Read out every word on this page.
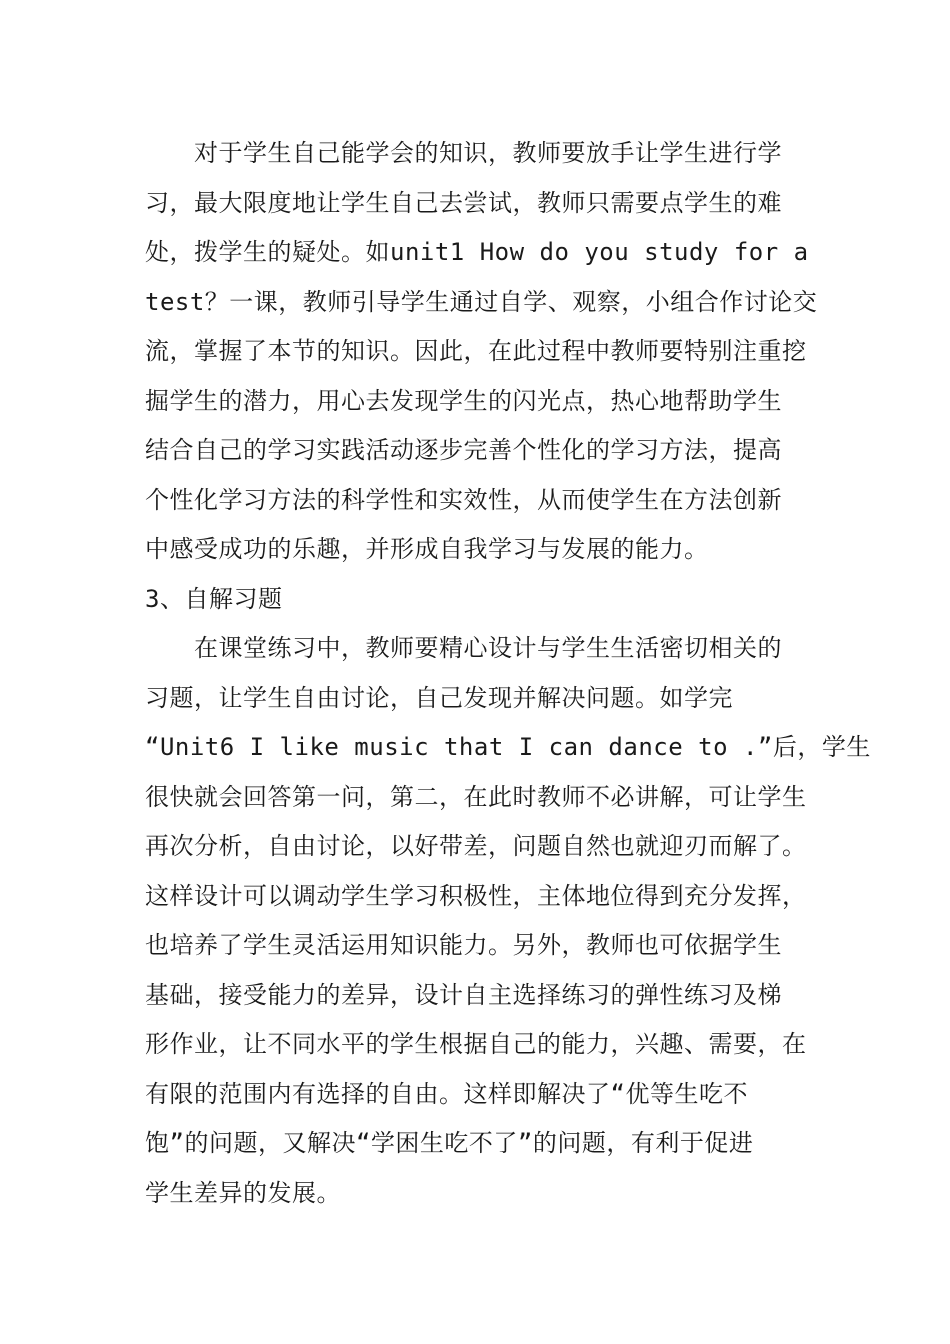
　　对于学生自己能学会的知识，教师要放手让学生进行学
习，最大限度地让学生自己去尝试，教师只需要点学生的难
处，拨学生的疑处。如unit1 How do you study for a
test？一课，教师引导学生通过自学、观察，小组合作讨论交
流，掌握了本节的知识。因此，在此过程中教师要特别注重挖
掘学生的潜力，用心去发现学生的闪光点，热心地帮助学生
结合自己的学习实践活动逐步完善个性化的学习方法，提高
个性化学习方法的科学性和实效性，从而使学生在方法创新
中感受成功的乐趣，并形成自我学习与发展的能力。
3、自解习题
　　在课堂练习中，教师要精心设计与学生生活密切相关的
习题，让学生自由讨论，自己发现并解决问题。如学完
“Unit6 I like music that I can dance to .”后，学生
很快就会回答第一问，第二，在此时教师不必讲解，可让学生
再次分析，自由讨论，以好带差，问题自然也就迎刃而解了。
这样设计可以调动学生学习积极性，主体地位得到充分发挥，
也培养了学生灵活运用知识能力。另外，教师也可依据学生
基础，接受能力的差异，设计自主选择练习的弹性练习及梯
形作业，让不同水平的学生根据自己的能力，兴趣、需要，在
有限的范围内有选择的自由。这样即解决了“优等生吃不
饱”的问题，又解决“学困生吃不了”的问题，有利于促进
学生差异的发展。
